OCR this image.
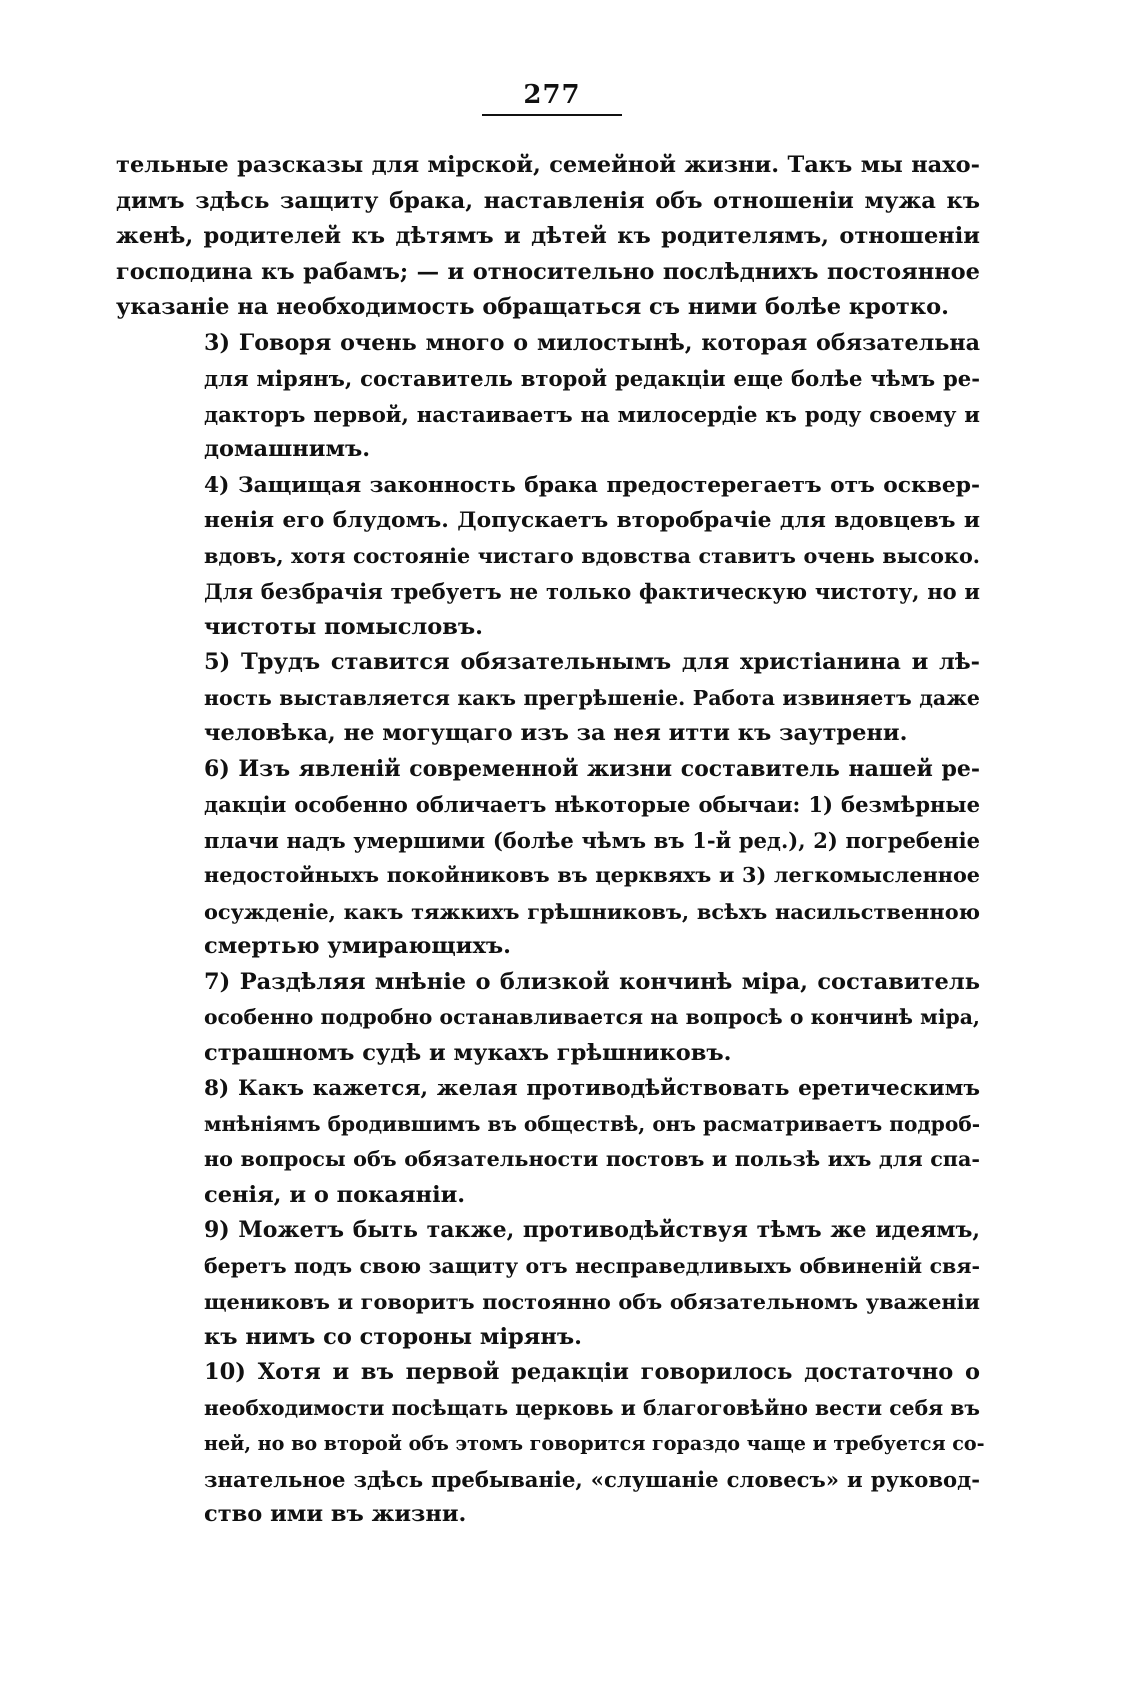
277

тельные разсказы для мірской, семейной жизни. Такъ мы нахо-
димъ здѣсь защиту брака, наставленія объ отношеніи мужа къ
женѣ, родителей къ дѣтямъ и дѣтей къ родителямъ, отношеніи
господина къ рабамъ; — и относительно послѣднихъ постоянное
указаніе на необходимость обращаться съ ними болѣе кротко.

3) Говоря очень много о милостынѣ, которая обязательна
для мірянъ, составитель второй редакціи еще болѣе чѣмъ ре-
дакторъ первой, настаиваетъ на милосердіе къ роду своему и
домашнимъ.

4) Защищая законность брака предостерегаетъ отъ осквер-
ненія его блудомъ. Допускаетъ второбрачіе для вдовцевъ и
вдовъ, хотя состояніе чистаго вдовства ставитъ очень высоко.
Для безбрачія требуетъ не только фактическую чистоту, но и
чистоты помысловъ.

5) Трудъ ставится обязательнымъ для христіанина и лѣ-
ность выставляется какъ прегрѣшеніе. Работа извиняетъ даже
человѣка, не могущаго изъ за нея итти къ заутрени.

6) Изъ явленій современной жизни составитель нашей ре-
дакціи особенно обличаетъ нѣкоторые обычаи: 1) безмѣрные
плачи надъ умершими (болѣе чѣмъ въ 1-й ред.), 2) погребеніе
недостойныхъ покойниковъ въ церквяхъ и 3) легкомысленное
осужденіе, какъ тяжкихъ грѣшниковъ, всѣхъ насильственною
смертью умирающихъ.

7) Раздѣляя мнѣніе о близкой кончинѣ міра, составитель
особенно подробно останавливается на вопросѣ о кончинѣ міра,
страшномъ судѣ и мукахъ грѣшниковъ.

8) Какъ кажется, желая противодѣйствовать еретическимъ
мнѣніямъ бродившимъ въ обществѣ, онъ расматриваетъ подроб-
но вопросы объ обязательности постовъ и пользѣ ихъ для спа-
сенія, и о покаяніи.

9) Можетъ быть также, противодѣйствуя тѣмъ же идеямъ,
беретъ подъ свою защиту отъ несправедливыхъ обвиненій свя-
щениковъ и говоритъ постоянно объ обязательномъ уваженіи
къ нимъ со стороны мірянъ.

10) Хотя и въ первой редакціи говорилось достаточно о
необходимости посѣщать церковь и благоговѣйно вести себя въ
ней, но во второй объ этомъ говорится гораздо чаще и требуется со-
знательное здѣсь пребываніе, «слушаніе словесъ» и руковод-
ство ими въ жизни.
